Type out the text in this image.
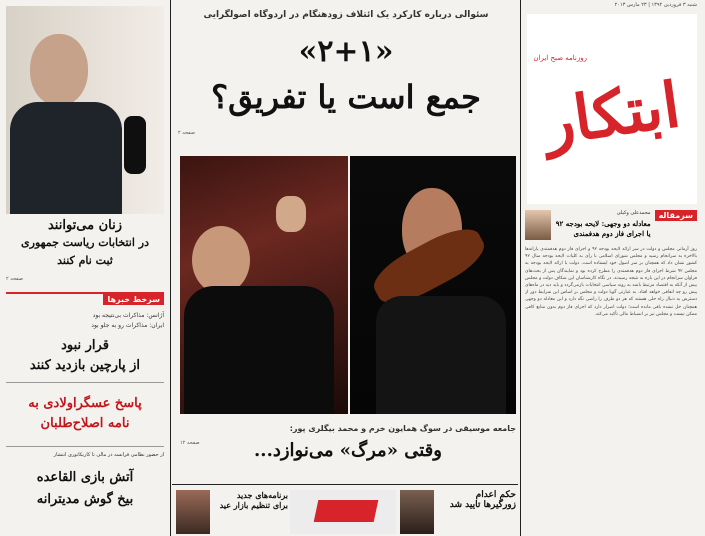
شنبه ۳ فروردین ۱۳۹۲ | ۲۳ مارس ۲۰۱۳
روزنامه صبح ایران
ابتکار
سرمقاله
محمدعلی وکیلی
معادله دو وجهی: لایحه بودجه ۹۲ یا اجرای فاز دوم هدفمندی
روز آرمانی مجلس و دولت در سر ارائه لایحه بودجه ۹۲ و اجرای فاز دوم هدفمندی یارانه‌ها بالاخره به سرانجام رسید و مجلس شورای اسلامی با رأی به کلیات لایحه بودجه سال ۹۲ کشور نشان داد که همچنان بر سر اصول خود ایستاده است. دولت با ارائه لایحه بودجه به مجلس ۹۲ شرط اجرای فاز دوم هدفمندی را مطرح کرده بود و نمایندگان پس از بحث‌های فراوان سرانجام در این باره به نتیجه رسیدند. در نگاه کارشناسان این شکاف دولت و مجلس بیش از آنکه به اقتصاد مرتبط باشد به روند سیاسی انتخابات بازمی‌گردد و باید دید در ماه‌های پیش رو چه اتفاقی خواهد افتاد. به عبارتی گویا دولت و مجلس بر اساس این شرایط دور از دسترس به دنبال راه حلی هستند که هر دو طرف را راضی نگه دارد و این معادله دو وجهی همچنان حل نشده باقی مانده است؛ دولت اصرار دارد که اجرای فاز دوم بدون منابع کافی ممکن نیست و مجلس نیز بر انضباط مالی تأکید می‌کند.
سئوالی درباره کارکرد یک ائتلاف زودهنگام در اردوگاه اصولگرایی
«۲+۱»
جمع است یا تفریق؟
صفحه ۲
جامعه موسیقی در سوگ همایون خرم و محمد بیگلری پور:
وقتی «مرگ» می‌نوازد...
صفحه ۱۲
حکم اعدام
زورگیرها تایید شد
برنامه‌های جدید
برای تنظیم بازار عید
زنان می‌توانند
در انتخابات ریاست جمهوری
ثبت نام کنند
صفحه ۲
سرخط خبرها
آژانس: مذاکرات بی‌نتیجه بود
ایران: مذاکرات رو به جلو بود
قرار نبود
از پارچین بازدید کنند
پاسخ عسگراولادی به
نامه اصلاح‌طلبان
از حضور نظامی فرانسه در مالی تا کاریکاتوری انتشار
آتش بازی القاعده
بیخ گوش مدیترانه
